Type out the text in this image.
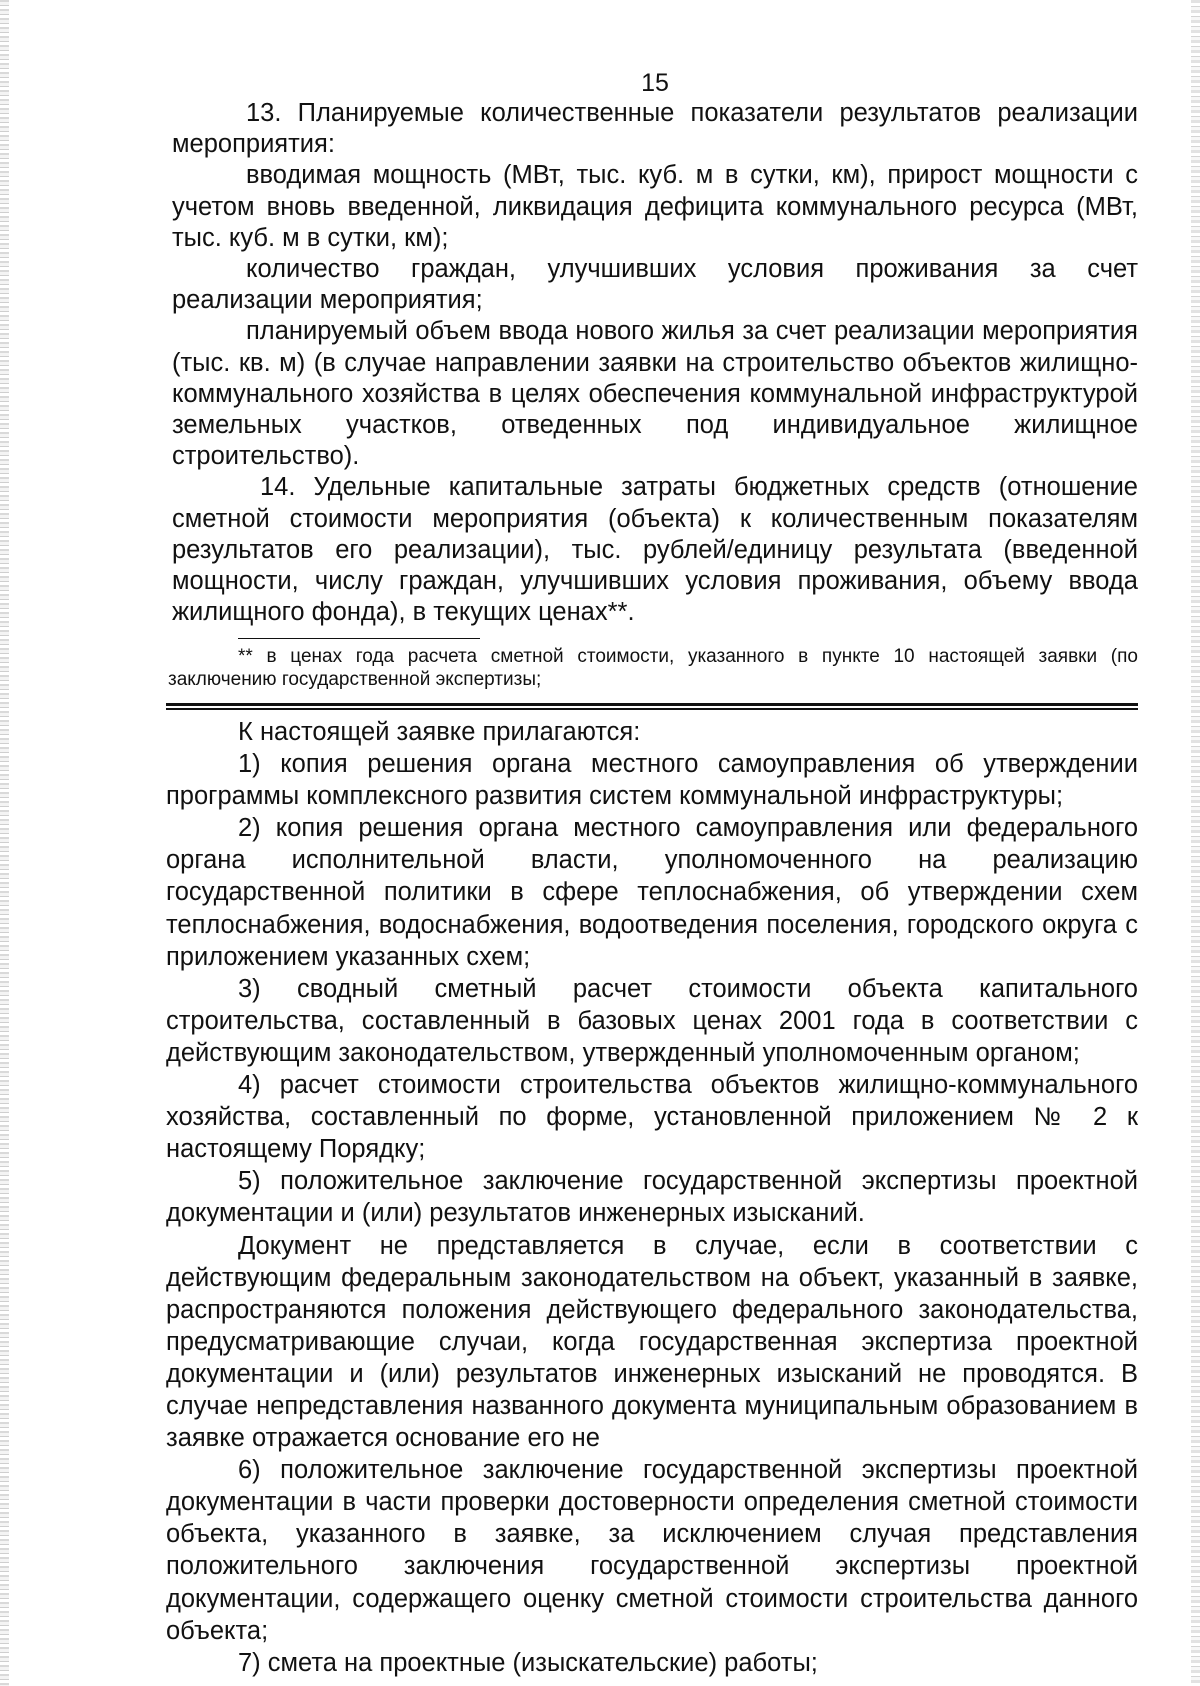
15

13. Планируемые количественные показатели результатов реализации мероприятия:

вводимая мощность (МВт, тыс. куб. м в сутки, км), прирост мощности с учетом вновь введенной, ликвидация дефицита коммунального ресурса (МВт, тыс. куб. м в сутки, км);

количество граждан, улучшивших условия проживания за счет реализации мероприятия;

планируемый объем ввода нового жилья за счет реализации мероприятия (тыс. кв. м) (в случае направлении заявки на строительство объектов жилищно-коммунального хозяйства в целях обеспечения коммунальной инфраструктурой земельных участков, отведенных под индивидуальное жилищное строительство).

14. Удельные капитальные затраты бюджетных средств (отношение сметной стоимости мероприятия (объекта) к количественным показателям результатов его реализации), тыс. рублей/единицу результата (введенной мощности, числу граждан, улучшивших условия проживания, объему ввода жилищного фонда), в текущих ценах**.

** в ценах года расчета сметной стоимости, указанного в пункте 10 настоящей заявки (по заключению государственной экспертизы;

К настоящей заявке прилагаются:

1) копия решения органа местного самоуправления об утверждении программы комплексного развития систем коммунальной инфраструктуры;

2) копия решения органа местного самоуправления или федерального органа исполнительной власти, уполномоченного на реализацию государственной политики в сфере теплоснабжения, об утверждении схем теплоснабжения, водоснабжения, водоотведения поселения, городского округа с приложением указанных схем;

3) сводный сметный расчет стоимости объекта капитального строительства, составленный в базовых ценах 2001 года в соответствии с действующим законодательством, утвержденный уполномоченным органом;

4) расчет стоимости строительства объектов жилищно-коммунального хозяйства, составленный по форме, установленной приложением № 2 к настоящему Порядку;

5) положительное заключение государственной экспертизы проектной документации и (или) результатов инженерных изысканий.

Документ не представляется в случае, если в соответствии с действующим федеральным законодательством на объект, указанный в заявке, распространяются положения действующего федерального законодательства, предусматривающие случаи, когда государственная экспертиза проектной документации и (или) результатов инженерных изысканий не проводятся. В случае непредставления названного документа муниципальным образованием в заявке отражается основание его не

6) положительное заключение государственной экспертизы проектной документации в части проверки достоверности определения сметной стоимости объекта, указанного в заявке, за исключением случая представления положительного заключения государственной экспертизы проектной документации, содержащего оценку сметной стоимости строительства данного объекта;

7) смета на проектные (изыскательские) работы;
